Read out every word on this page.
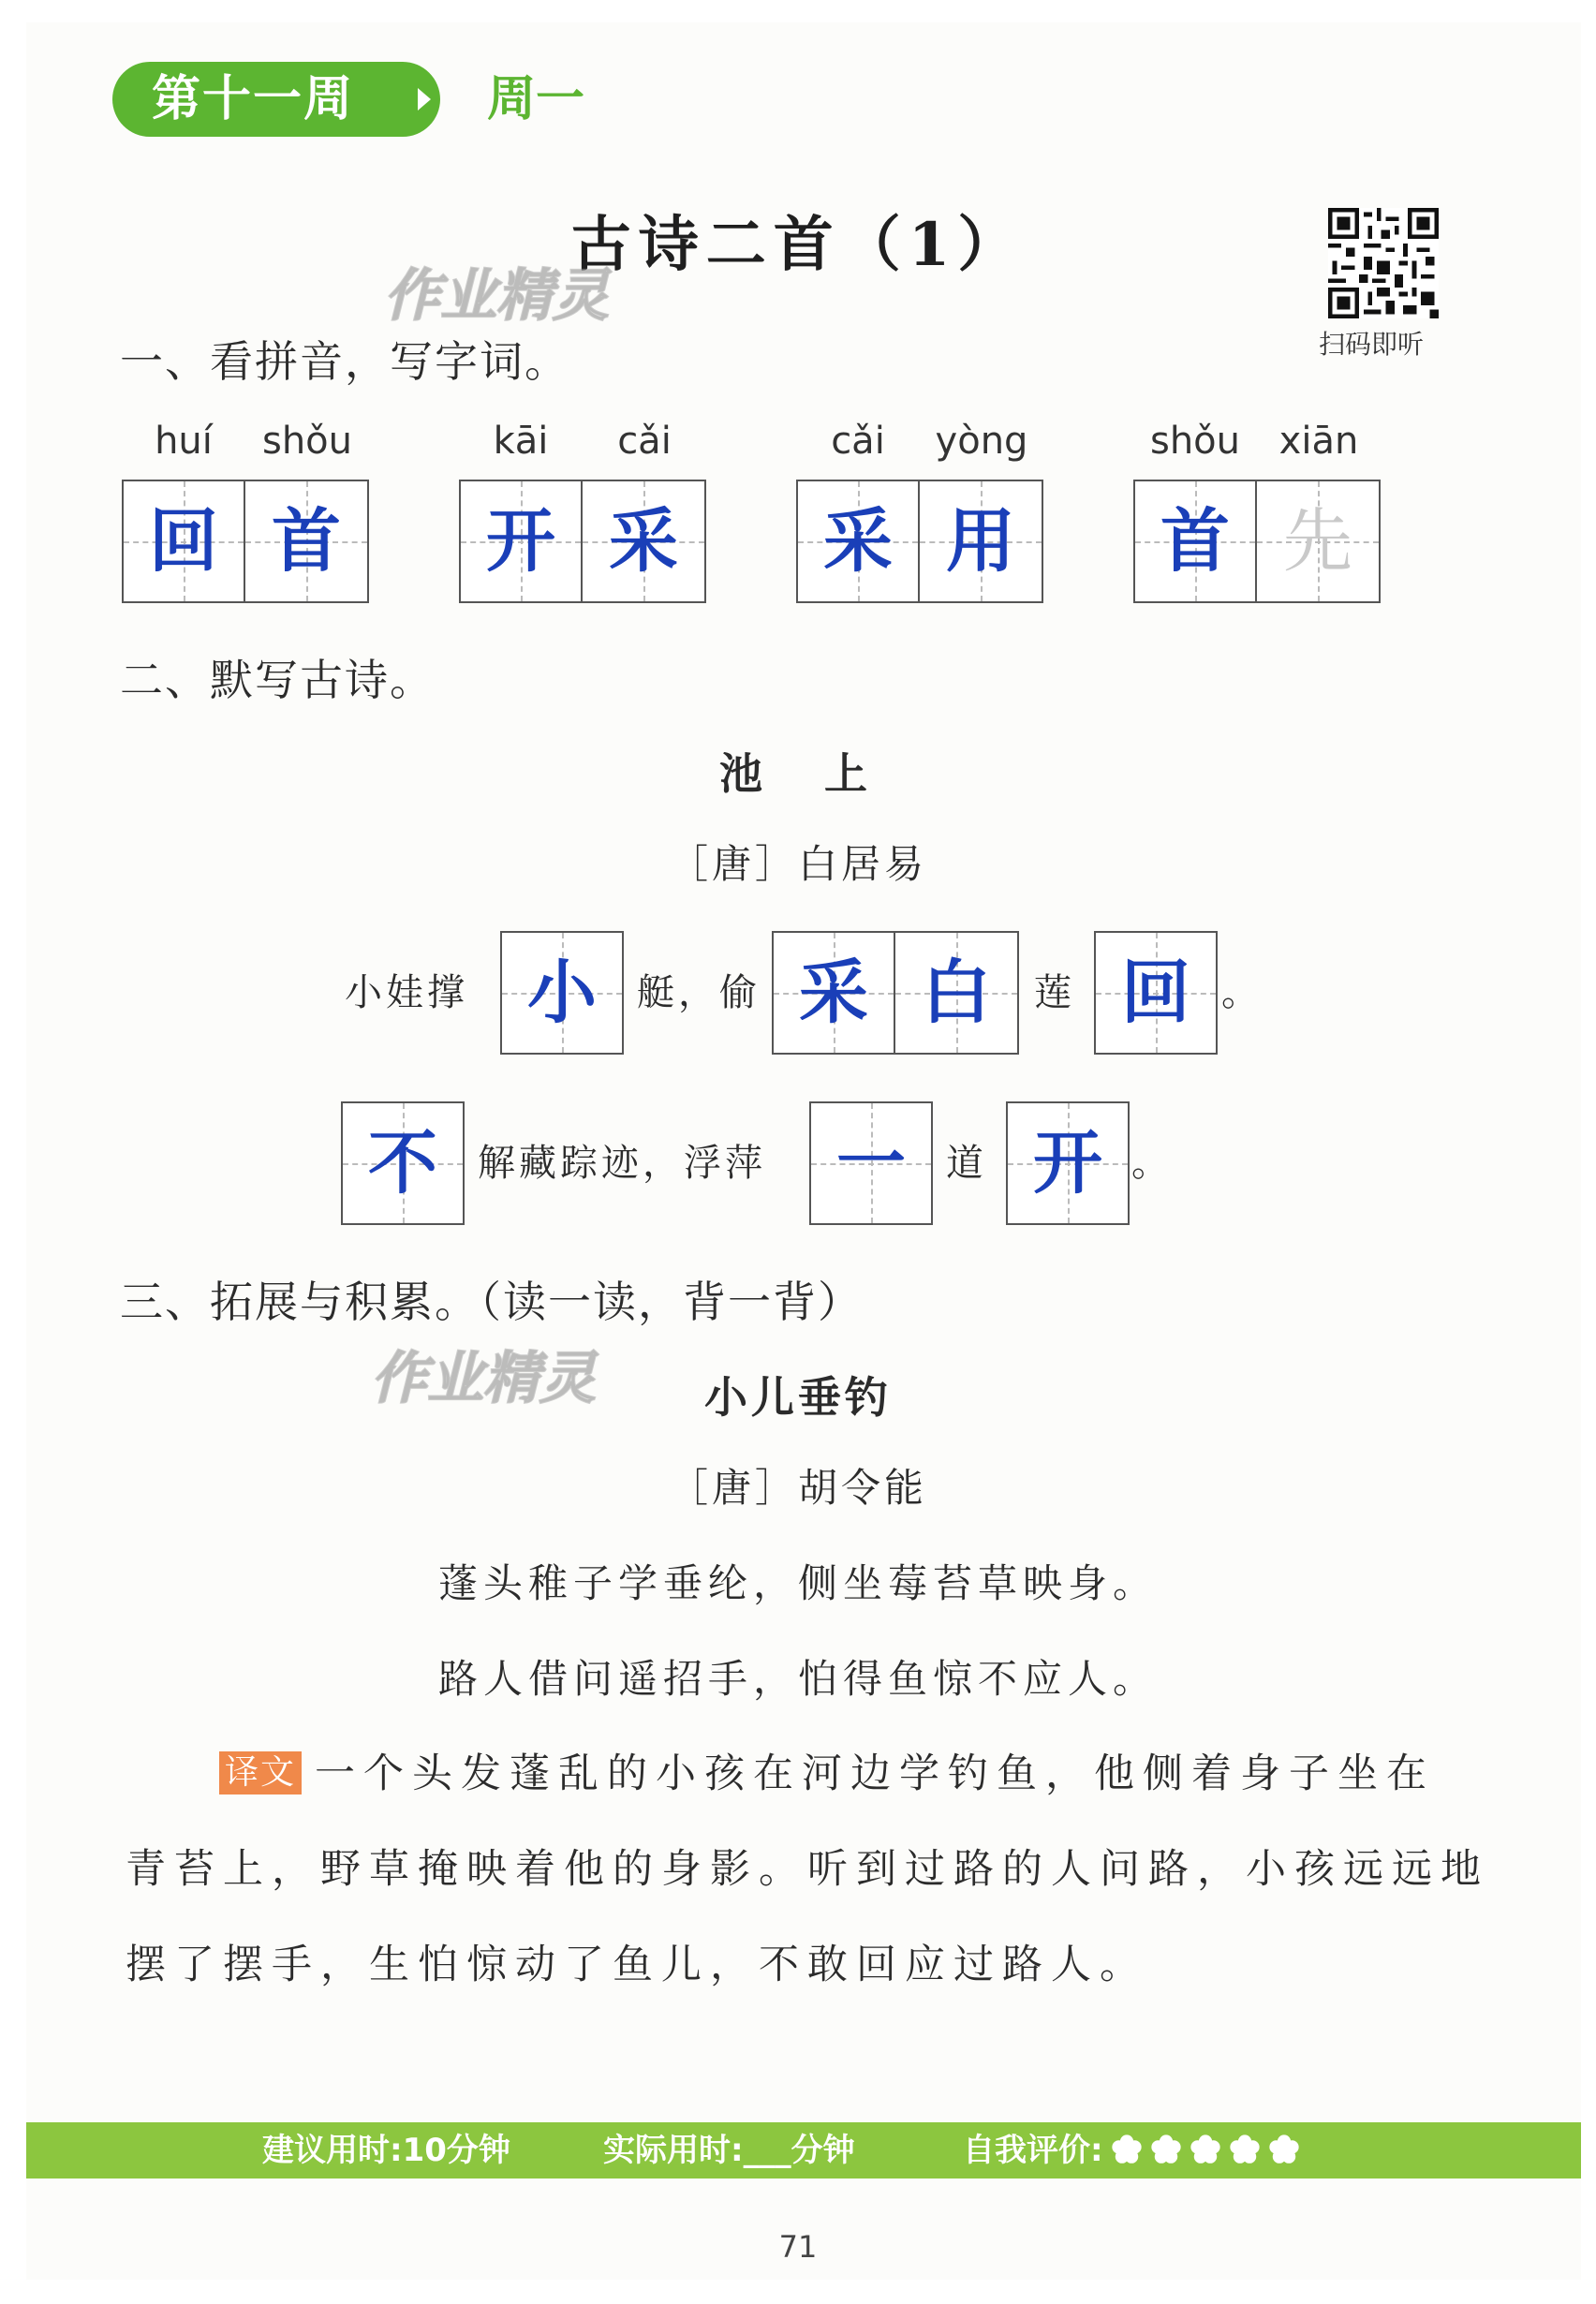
第十一周	周一
古诗二首（1）
扫码即听
作业精灵
一、看拼音，写字词。
huí	shǒu
回 首
kāi	cǎi
开 采
cǎi	yòng
采 用
shǒu	xiān
首 先
二、默写古诗。
池　上
［唐］白居易
小娃撑 小	艇，偷 采 白	莲 回 。
不	解藏踪迹，浮萍	一	道 开 。
三、拓展与积累。（读一读，背一背）
作业精灵	小儿垂钓
［唐］胡令能
蓬头稚子学垂纶，侧坐莓苔草映身。
路人借问遥招手，怕得鱼惊不应人。
译文 一个头发蓬乱的小孩在河边学钓鱼，他侧着身子坐在
青苔上，野草掩映着他的身影。听到过路的人问路，小孩远远地
摆了摆手，生怕惊动了鱼儿，不敢回应过路人。
建议用时:10分钟	实际用时:___分钟	自我评价:
71
